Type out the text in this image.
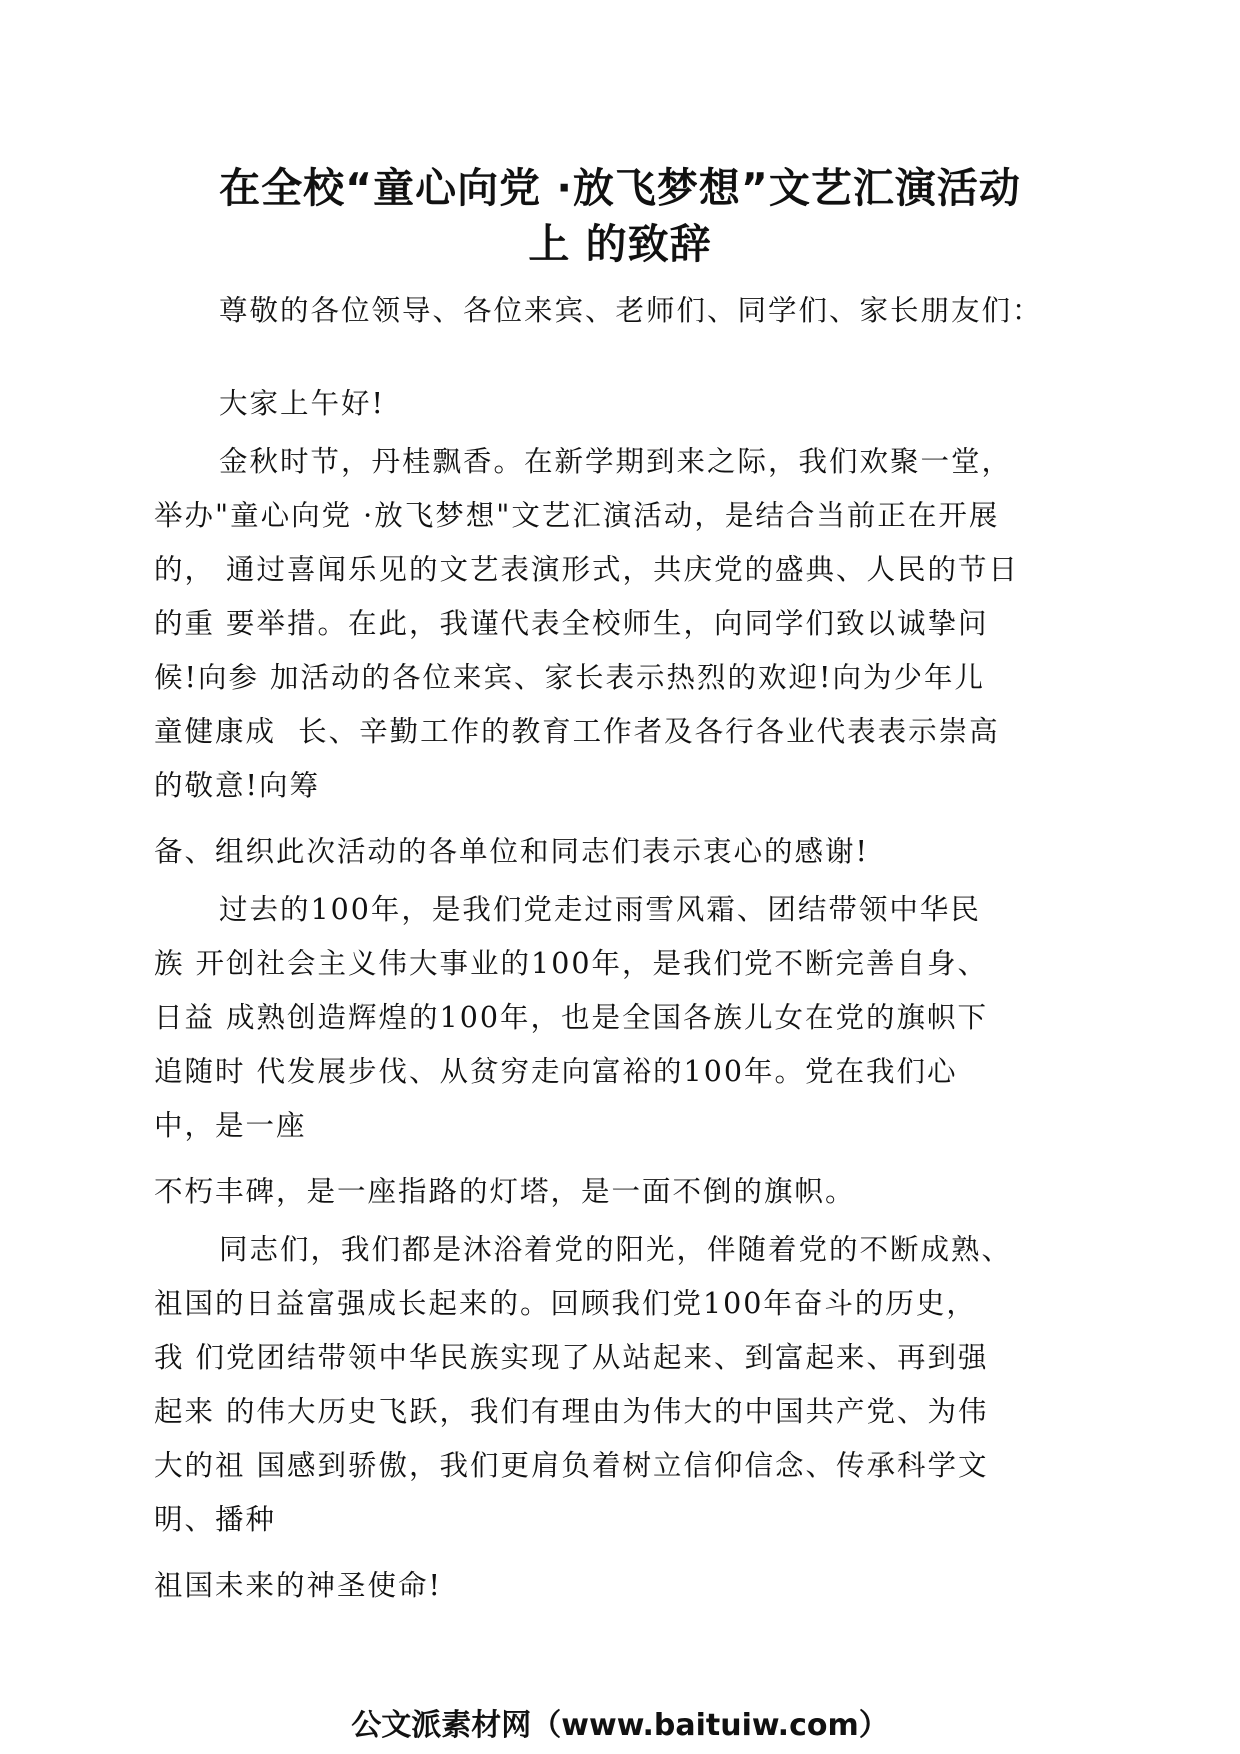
在全校“童心向党 ·放飞梦想”文艺汇演活动
上 的致辞

尊敬的各位领导、各位来宾、老师们、同学们、家长朋友们：

大家上午好!

金秋时节，丹桂飘香。在新学期到来之际，我们欢聚一堂，

举办"童心向党 ·放飞梦想"文艺汇演活动，是结合当前正在开展

的， 通过喜闻乐见的文艺表演形式，共庆党的盛典、人民的节日

的重 要举措。在此，我谨代表全校师生，向同学们致以诚挚问

候!向参 加活动的各位来宾、家长表示热烈的欢迎!向为少年儿

童健康成  长、辛勤工作的教育工作者及各行各业代表表示崇高

的敬意!向筹

备、组织此次活动的各单位和同志们表示衷心的感谢!

过去的100年，是我们党走过雨雪风霜、团结带领中华民

族 开创社会主义伟大事业的100年，是我们党不断完善自身、

日益 成熟创造辉煌的100年，也是全国各族儿女在党的旗帜下

追随时 代发展步伐、从贫穷走向富裕的100年。党在我们心

中，是一座

不朽丰碑，是一座指路的灯塔，是一面不倒的旗帜。

同志们，我们都是沐浴着党的阳光，伴随着党的不断成熟、

祖国的日益富强成长起来的。回顾我们党100年奋斗的历史，

我 们党团结带领中华民族实现了从站起来、到富起来、再到强

起来 的伟大历史飞跃，我们有理由为伟大的中国共产党、为伟

大的祖 国感到骄傲，我们更肩负着树立信仰信念、传承科学文

明、播种

祖国未来的神圣使命!

公文派素材网（www.baituiw.com）
